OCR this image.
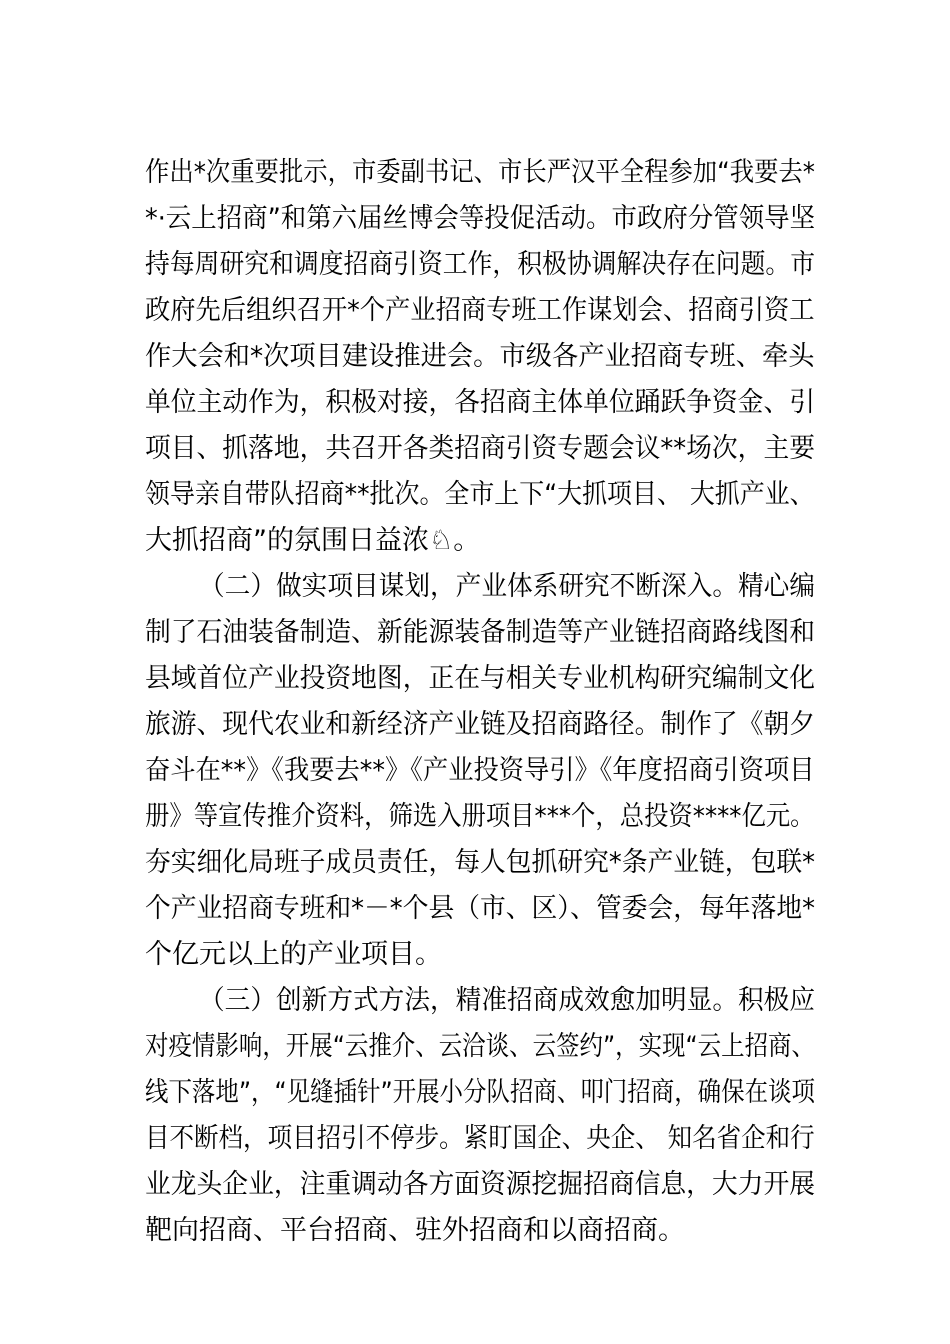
作出*次重要批示，市委副书记、市长严汉平全程参加“我要去*
*·云上招商”和第六届丝博会等投促活动。市政府分管领导坚
持每周研究和调度招商引资工作，积极协调解决存在问题。市
政府先后组织召开*个产业招商专班工作谋划会、招商引资工
作大会和*次项目建设推进会。市级各产业招商专班、牵头
单位主动作为，积极对接，各招商主体单位踊跃争资金、引
项目、抓落地，共召开各类招商引资专题会议**场次，主要
领导亲自带队招商**批次。全市上下“大抓项目、 大抓产业、
大抓招商”的氛围日益浓♘。
（二）做实项目谋划，产业体系研究不断深入。精心编
制了石油装备制造、新能源装备制造等产业链招商路线图和
县域首位产业投资地图，正在与相关专业机构研究编制文化
旅游、现代农业和新经济产业链及招商路径。制作了《朝夕
奋斗在**》《我要去**》《产业投资导引》《年度招商引资项目
册》等宣传推介资料，筛选入册项目***个，总投资****亿元。
夯实细化局班子成员责任，每人包抓研究*条产业链，包联*
个产业招商专班和*－*个县（市、区）、管委会，每年落地*
个亿元以上的产业项目。
（三）创新方式方法，精准招商成效愈加明显。积极应
对疫情影响，开展“云推介、云洽谈、云签约”，实现“云上招商、
线下落地”，“见缝插针”开展小分队招商、叩门招商，确保在谈项
目不断档，项目招引不停步。紧盯国企、央企、 知名省企和行
业龙头企业，注重调动各方面资源挖掘招商信息，大力开展
靶向招商、平台招商、驻外招商和以商招商。
